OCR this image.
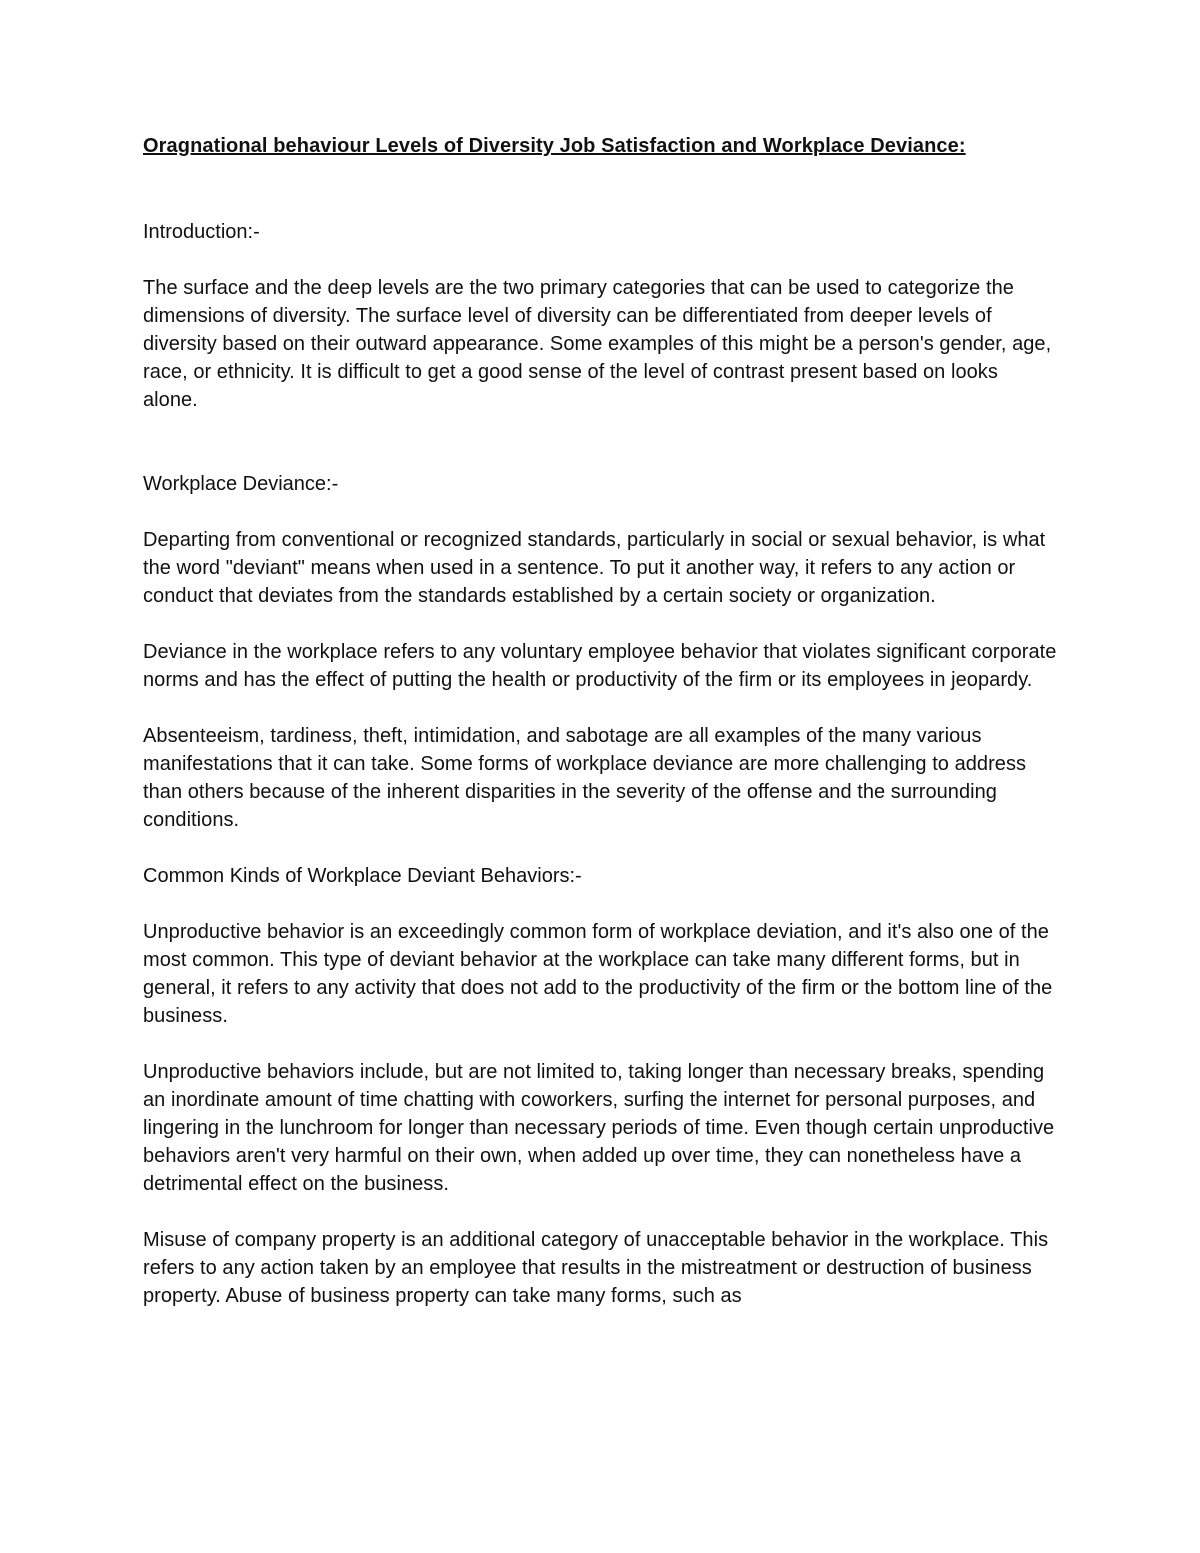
Oragnational behaviour Levels of Diversity Job Satisfaction and Workplace Deviance:

Introduction:-

The surface and the deep levels are the two primary categories that can be used to categorize the dimensions of diversity. The surface level of diversity can be differentiated from deeper levels of diversity based on their outward appearance. Some examples of this might be a person's gender, age, race, or ethnicity. It is difficult to get a good sense of the level of contrast present based on looks alone.

Workplace Deviance:-

Departing from conventional or recognized standards, particularly in social or sexual behavior, is what the word "deviant" means when used in a sentence. To put it another way, it refers to any action or conduct that deviates from the standards established by a certain society or organization.

Deviance in the workplace refers to any voluntary employee behavior that violates significant corporate norms and has the effect of putting the health or productivity of the firm or its employees in jeopardy.

Absenteeism, tardiness, theft, intimidation, and sabotage are all examples of the many various manifestations that it can take. Some forms of workplace deviance are more challenging to address than others because of the inherent disparities in the severity of the offense and the surrounding conditions.

Common Kinds of Workplace Deviant Behaviors:-

Unproductive behavior is an exceedingly common form of workplace deviation, and it's also one of the most common. This type of deviant behavior at the workplace can take many different forms, but in general, it refers to any activity that does not add to the productivity of the firm or the bottom line of the business.

Unproductive behaviors include, but are not limited to, taking longer than necessary breaks, spending an inordinate amount of time chatting with coworkers, surfing the internet for personal purposes, and lingering in the lunchroom for longer than necessary periods of time. Even though certain unproductive behaviors aren't very harmful on their own, when added up over time, they can nonetheless have a detrimental effect on the business.

Misuse of company property is an additional category of unacceptable behavior in the workplace. This refers to any action taken by an employee that results in the mistreatment or destruction of business property. Abuse of business property can take many forms, such as
